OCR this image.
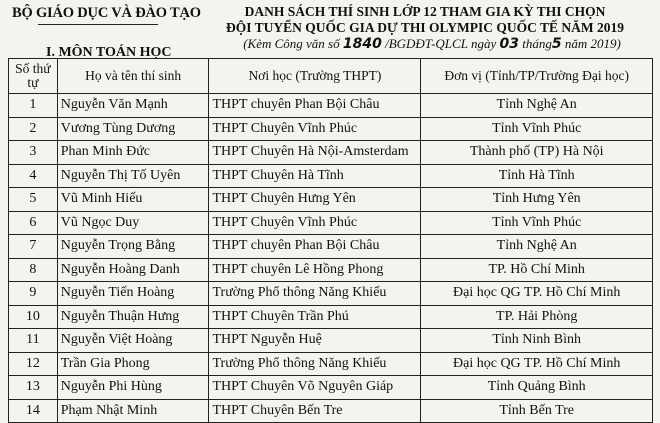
BỘ GIÁO DỤC VÀ ĐÀO TẠO	DANH SÁCH THÍ SINH LỚP 12 THAM GIA KỲ THI CHỌN
ĐỘI TUYỂN QUỐC GIA DỰ THI OLYMPIC QUỐC TẾ NĂM 2019
(Kèm Công văn số 1840 /BGDĐT-QLCL ngày 03 tháng5 năm 2019)
I. MÔN TOÁN HỌC
Số thứ tự	Họ và tên thí sinh	Nơi học (Trường THPT)	Đơn vị (Tỉnh/TP/Trường Đại học)
1	Nguyễn Văn Mạnh	THPT chuyên Phan Bội Châu	Tỉnh Nghệ An
2	Vương Tùng Dương	THPT Chuyên Vĩnh Phúc	Tỉnh Vĩnh Phúc
3	Phan Minh Đức	THPT Chuyên Hà Nội-Amsterdam	Thành phố (TP) Hà Nội
4	Nguyễn Thị Tố Uyên	THPT Chuyên Hà Tĩnh	Tỉnh Hà Tĩnh
5	Vũ Minh Hiếu	THPT Chuyên Hưng Yên	Tỉnh Hưng Yên
6	Vũ Ngọc Duy	THPT Chuyên Vĩnh Phúc	Tỉnh Vĩnh Phúc
7	Nguyễn Trọng Bằng	THPT chuyên Phan Bội Châu	Tỉnh Nghệ An
8	Nguyễn Hoàng Danh	THPT chuyên Lê Hồng Phong	TP. Hồ Chí Minh
9	Nguyễn Tiến Hoàng	Trường Phổ thông Năng Khiếu	Đại học QG TP. Hồ Chí Minh
10	Nguyễn Thuận Hưng	THPT Chuyên Trần Phú	TP. Hải Phòng
11	Nguyễn Việt Hoàng	THPT Nguyễn Huệ	Tỉnh Ninh Bình
12	Trần Gia Phong	Trường Phổ thông Năng Khiếu	Đại học QG TP. Hồ Chí Minh
13	Nguyễn Phi Hùng	THPT Chuyên Võ Nguyên Giáp	Tỉnh Quảng Bình
14	Phạm Nhật Minh	THPT Chuyên Bến Tre	Tỉnh Bến Tre
